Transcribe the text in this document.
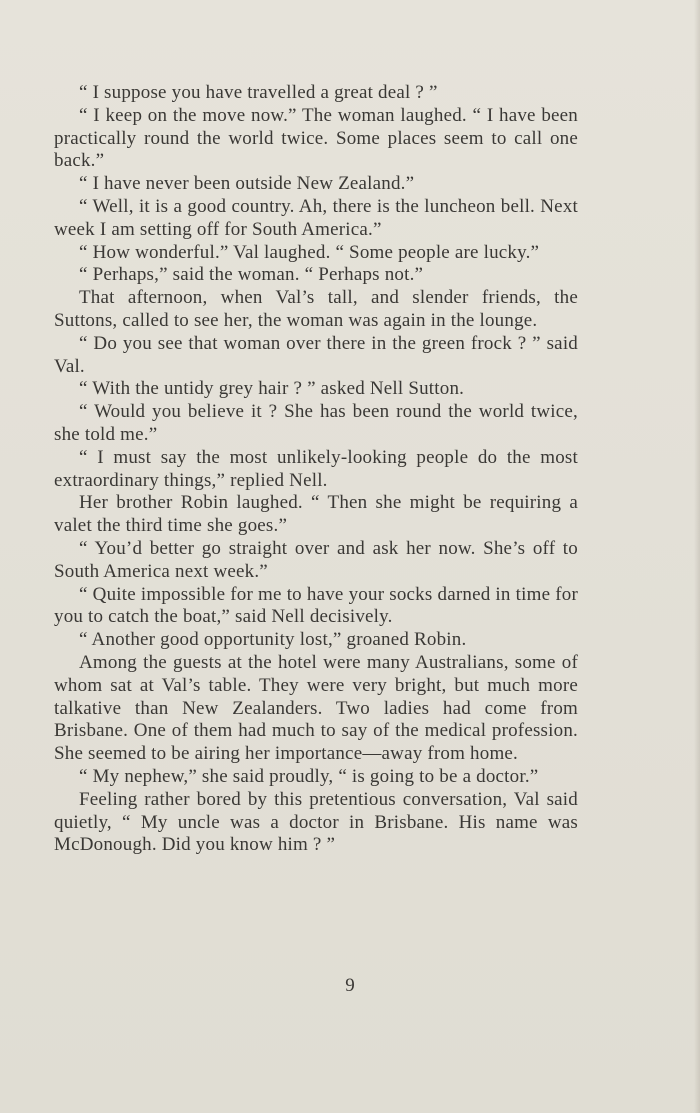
“ I suppose you have travelled a great deal ? ”

“ I keep on the move now.” The woman laughed. “ I have been practically round the world twice. Some places seem to call one back.”

“ I have never been outside New Zealand.”

“ Well, it is a good country. Ah, there is the luncheon bell. Next week I am setting off for South America.”

“ How wonderful.” Val laughed. “ Some people are lucky.”

“ Perhaps,” said the woman. “ Perhaps not.”

That afternoon, when Val’s tall, and slender friends, the Suttons, called to see her, the woman was again in the lounge.

“ Do you see that woman over there in the green frock ? ” said Val.

“ With the untidy grey hair ? ” asked Nell Sutton.

“ Would you believe it ? She has been round the world twice, she told me.”

“ I must say the most unlikely-looking people do the most extraordinary things,” replied Nell.

Her brother Robin laughed. “ Then she might be requiring a valet the third time she goes.”

“ You’d better go straight over and ask her now. She’s off to South America next week.”

“ Quite impossible for me to have your socks darned in time for you to catch the boat,” said Nell decisively.

“ Another good opportunity lost,” groaned Robin.

Among the guests at the hotel were many Australians, some of whom sat at Val’s table. They were very bright, but much more talkative than New Zealanders. Two ladies had come from Brisbane. One of them had much to say of the medical profession. She seemed to be airing her importance—away from home.

“ My nephew,” she said proudly, “ is going to be a doctor.”

Feeling rather bored by this pretentious conversation, Val said quietly, “ My uncle was a doctor in Brisbane. His name was McDonough. Did you know him ? ”

9
